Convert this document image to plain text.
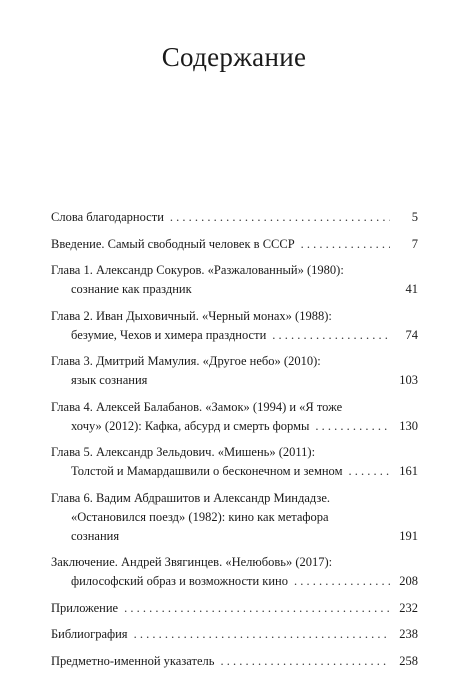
Содержание
Слова благодарности . . .	5
Введение. Самый свободный человек в СССР . . .	7
Глава 1. Александр Сокуров. «Разжалованный» (1980):
сознание как праздник	41
Глава 2. Иван Дыховичный. «Черный монах» (1988):
безумие, Чехов и химера праздности . . .	74
Глава 3. Дмитрий Мамулия. «Другое небо» (2010):
язык сознания	103
Глава 4. Алексей Балабанов. «Замок» (1994) и «Я тоже
хочу» (2012): Кафка, абсурд и смерть формы . . .	130
Глава 5. Александр Зельдович. «Мишень» (2011):
Толстой и Мамардашвили о бесконечном и земном . . .	161
Глава 6. Вадим Абдрашитов и Александр Миндадзе.
«Остановился поезд» (1982): кино как метафора
сознания	191
Заключение. Андрей Звягинцев. «Нелюбовь» (2017):
философский образ и возможности кино . . .	208
Приложение . . .	232
Библиография . . .	238
Предметно-именной указатель . . .	258
